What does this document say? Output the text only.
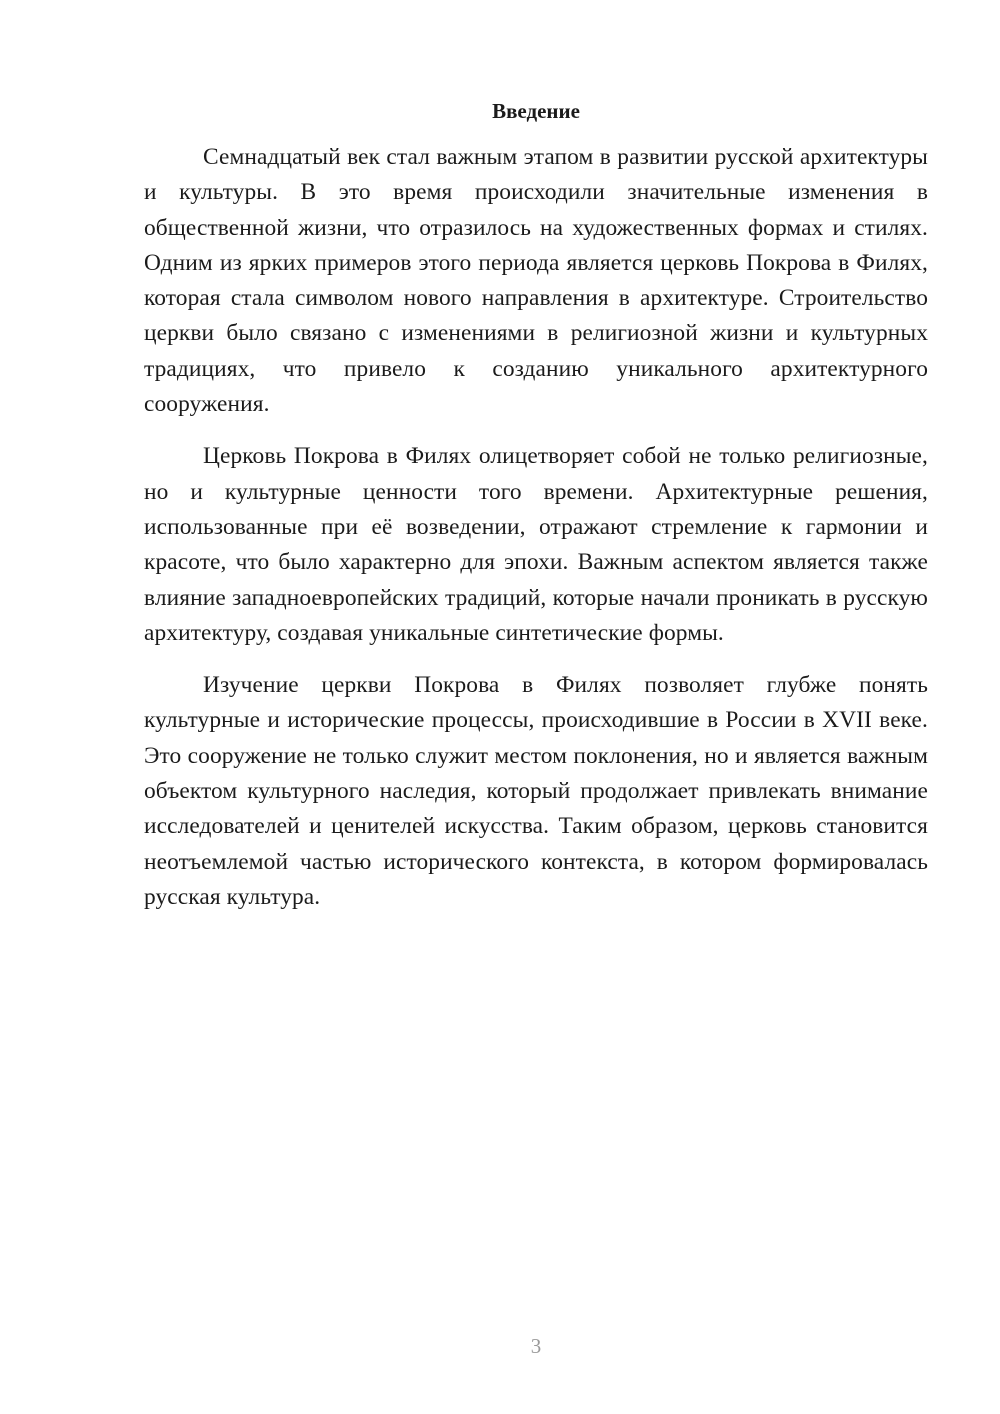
Введение

Семнадцатый век стал важным этапом в развитии русской архитектуры и культуры. В это время происходили значительные изменения в общественной жизни, что отразилось на художественных формах и стилях. Одним из ярких примеров этого периода является церковь Покрова в Филях, которая стала символом нового направления в архитектуре. Строительство церкви было связано с изменениями в религиозной жизни и культурных традициях, что привело к созданию уникального архитектурного сооружения.

Церковь Покрова в Филях олицетворяет собой не только религиозные, но и культурные ценности того времени. Архитектурные решения, использованные при её возведении, отражают стремление к гармонии и красоте, что было характерно для эпохи. Важным аспектом является также влияние западноевропейских традиций, которые начали проникать в русскую архитектуру, создавая уникальные синтетические формы.

Изучение церкви Покрова в Филях позволяет глубже понять культурные и исторические процессы, происходившие в России в XVII веке. Это сооружение не только служит местом поклонения, но и является важным объектом культурного наследия, который продолжает привлекать внимание исследователей и ценителей искусства. Таким образом, церковь становится неотъемлемой частью исторического контекста, в котором формировалась русская культура.

3
